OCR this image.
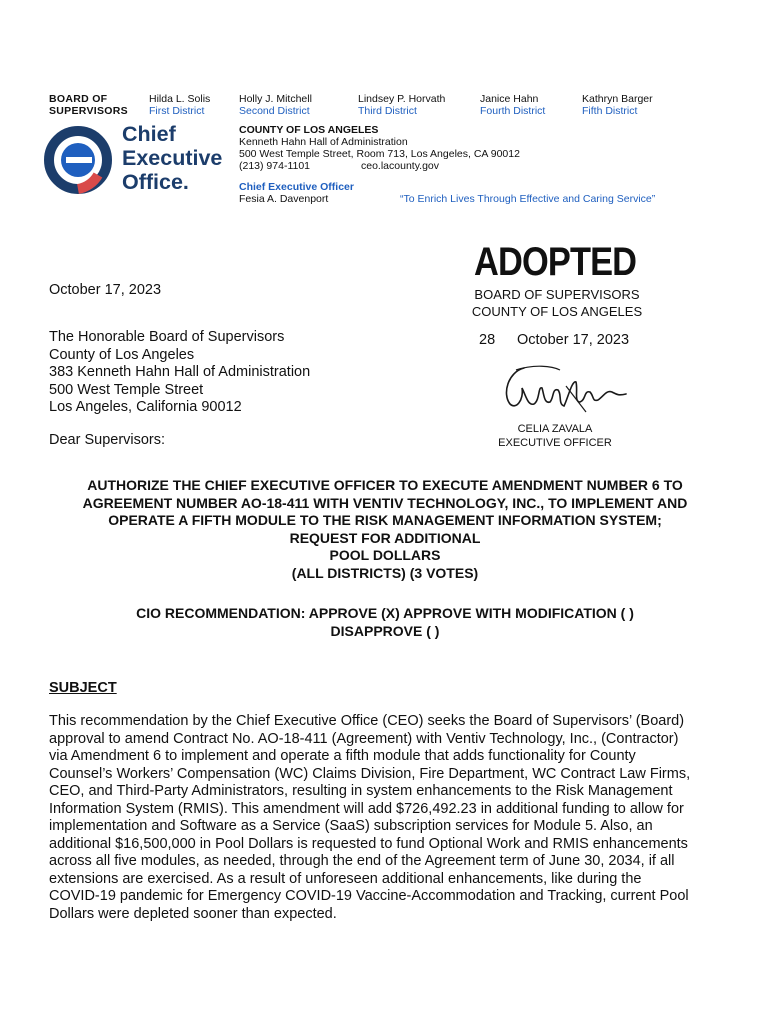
BOARD OF
SUPERVISORS
Hilda L. Solis
First District
Holly J. Mitchell
Second District
Lindsey P. Horvath
Third District
Janice Hahn
Fourth District
Kathryn Barger
Fifth District
Chief
Executive
Office.
COUNTY OF LOS ANGELES
Kenneth Hahn Hall of Administration
500 West Temple Street, Room 713, Los Angeles, CA 90012
(213) 974-1101	ceo.lacounty.gov
Chief Executive Officer
Fesia A. Davenport	“To Enrich Lives Through Effective and Caring Service”
ADOPTED
BOARD OF SUPERVISORS
COUNTY OF LOS ANGELES
28 October 17, 2023
CELIA ZAVALA
EXECUTIVE OFFICER
October 17, 2023
The Honorable Board of Supervisors
County of Los Angeles
383 Kenneth Hahn Hall of Administration
500 West Temple Street
Los Angeles, California 90012
Dear Supervisors:
AUTHORIZE THE CHIEF EXECUTIVE OFFICER TO EXECUTE AMENDMENT NUMBER 6 TO
AGREEMENT NUMBER AO-18-411 WITH VENTIV TECHNOLOGY, INC., TO IMPLEMENT AND
OPERATE A FIFTH MODULE TO THE RISK MANAGEMENT INFORMATION SYSTEM;
REQUEST FOR ADDITIONAL
POOL DOLLARS
(ALL DISTRICTS) (3 VOTES)
CIO RECOMMENDATION: APPROVE (X) APPROVE WITH MODIFICATION ( )
DISAPPROVE ( )
SUBJECT
This recommendation by the Chief Executive Office (CEO) seeks the Board of Supervisors’ (Board)
approval to amend Contract No. AO-18-411 (Agreement) with Ventiv Technology, Inc., (Contractor)
via Amendment 6 to implement and operate a fifth module that adds functionality for County
Counsel’s Workers’ Compensation (WC) Claims Division, Fire Department, WC Contract Law Firms,
CEO, and Third-Party Administrators, resulting in system enhancements to the Risk Management
Information System (RMIS). This amendment will add $726,492.23 in additional funding to allow for
implementation and Software as a Service (SaaS) subscription services for Module 5. Also, an
additional $16,500,000 in Pool Dollars is requested to fund Optional Work and RMIS enhancements
across all five modules, as needed, through the end of the Agreement term of June 30, 2034, if all
extensions are exercised. As a result of unforeseen additional enhancements, like during the
COVID-19 pandemic for Emergency COVID-19 Vaccine-Accommodation and Tracking, current Pool
Dollars were depleted sooner than expected.
